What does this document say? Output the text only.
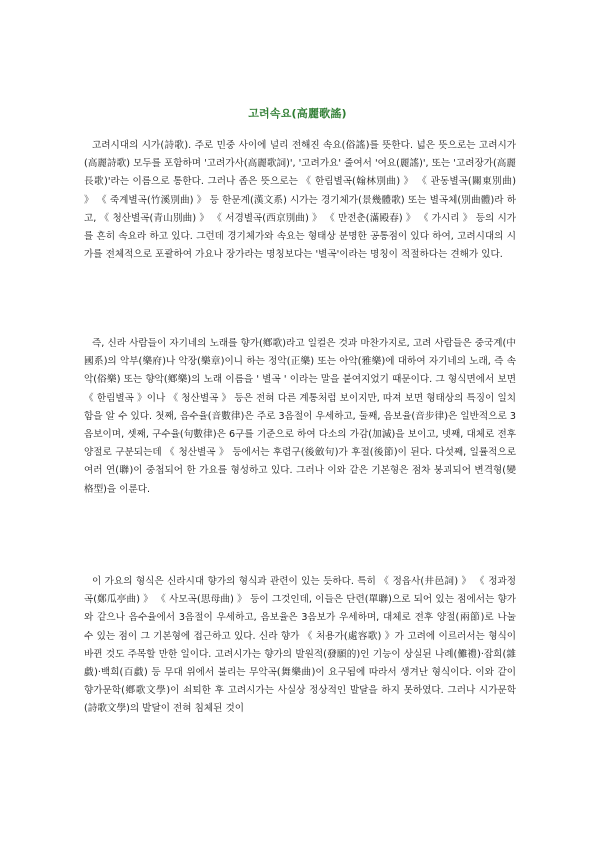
고려속요(高麗歌謠)

고려시대의 시가(詩歌). 주로 민중 사이에 널리 전해진 속요(俗謠)를 뜻한다. 넓은 뜻으로는 고려시가(高麗詩歌) 모두를 포함하며 '고려가사(高麗歌詞)', '고려가요' 줄여서 '여요(麗謠)', 또는 '고려장가(高麗長歌)'라는 이름으로 통한다. 그러나 좁은 뜻으로는 《 한림별곡(翰林別曲) 》 《 관동별곡(關東別曲) 》 《 죽계별곡(竹溪別曲) 》 등 한문계(漢文系) 시가는 경기체가(景幾體歌) 또는 별곡체(別曲體)라 하고, 《 청산별곡(青山別曲) 》 《 서경별곡(西京別曲) 》 《 만전춘(滿殿春) 》 《 가시리 》 등의 시가를 흔히 속요라 하고 있다. 그런데 경기체가와 속요는 형태상 분명한 공통점이 있다 하여, 고려시대의 시가를 전체적으로 포괄하여 가요나 장가라는 명칭보다는 '별곡'이라는 명칭이 적절하다는 견해가 있다.

즉, 신라 사람들이 자기네의 노래를 향가(鄕歌)라고 일컬은 것과 마찬가지로, 고려 사람들은 중국계(中國系)의 악부(樂府)나 악장(樂章)이니 하는 정악(正樂) 또는 아악(雅樂)에 대하여 자기네의 노래, 즉 속악(俗樂) 또는 향악(鄕樂)의 노래 이름을 ' 별곡 ' 이라는 말을 붙여지었기 때문이다. 그 형식면에서 보면 《 한림별곡 》이나 《 청산별곡 》 등은 전혀 다른 계통처럼 보이지만, 따져 보면 형태상의 특징이 일치함을 알 수 있다. 첫째, 음수율(音數律)은 주로 3음절이 우세하고, 둘째, 음보율(音步律)은 일반적으로 3음보이며, 셋째, 구수율(句數律)은 6구를 기준으로 하여 다소의 가감(加減)을 보이고, 넷째, 대체로 전후 양절로 구분되는데 《 청산별곡 》 등에서는 후렴구(後斂句)가 후절(後節)이 된다. 다섯째, 일률적으로 여러 연(聯)이 중첩되어 한 가요를 형성하고 있다. 그러나 이와 같은 기본형은 점차 붕괴되어 변격형(變格型)을 이룬다.

이 가요의 형식은 신라시대 향가의 형식과 관련이 있는 듯하다. 특히 《 정읍사(井邑詞) 》 《 정과정곡(鄭瓜亭曲) 》 《 사모곡(思母曲) 》 등이 그것인데, 이들은 단련(單聯)으로 되어 있는 점에서는 향가와 같으나 음수율에서 3음절이 우세하고, 음보율은 3음보가 우세하며, 대체로 전후 양절(兩節)로 나눌 수 있는 점이 그 기본형에 접근하고 있다. 신라 향가 《 처용가(處容歌) 》가 고려에 이르러서는 형식이 바뀐 것도 주목할 만한 일이다. 고려시가는 향가의 발원적(發願的)인 기능이 상실된 나례(儺禮)·잡희(雜戱)·백희(百戱) 등 무대 위에서 불리는 무악곡(舞樂曲)이 요구됨에 따라서 생겨난 형식이다. 이와 같이 향가문학(鄕歌文學)이 쇠퇴한 후 고려시가는 사실상 정상적인 발달을 하지 못하였다. 그러나 시가문학(詩歌文學)의 발달이 전혀 침체된 것이
